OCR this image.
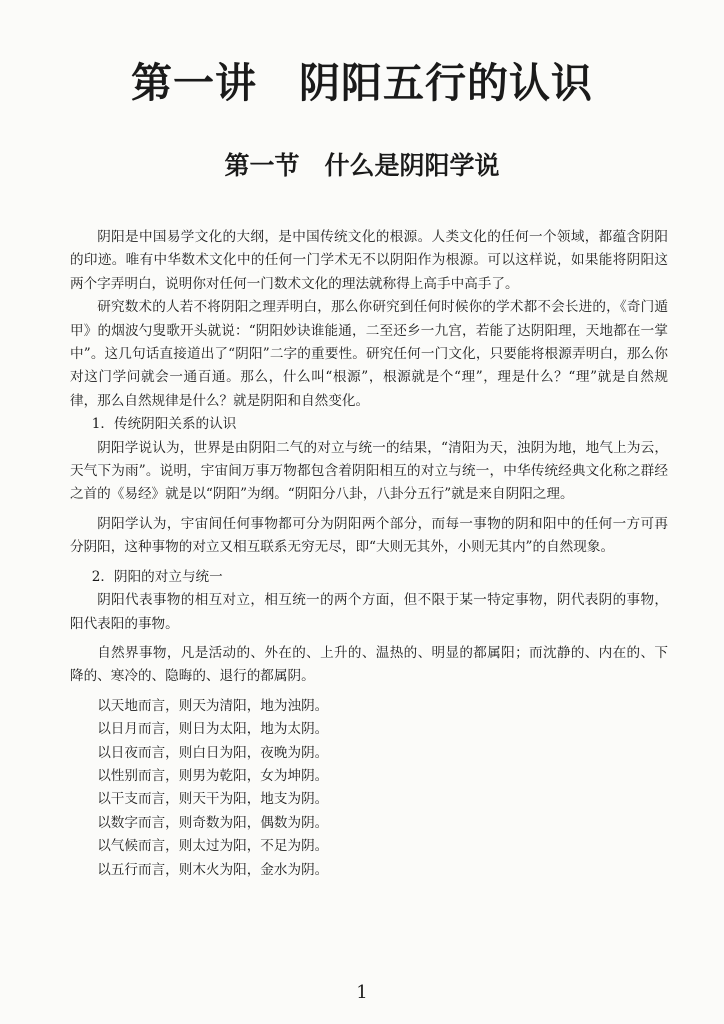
第一讲　阴阳五行的认识
第一节　什么是阴阳学说

阴阳是中国易学文化的大纲，是中国传统文化的根源。人类文化的任何一个领域，都蕴含阴阳的印迹。唯有中华数术文化中的任何一门学术无不以阴阳作为根源。可以这样说，如果能将阴阳这两个字弄明白，说明你对任何一门数术文化的理法就称得上高手中高手了。

研究数术的人若不将阴阳之理弄明白，那么你研究到任何时候你的学术都不会长进的，《奇门遁甲》的烟波勺叟歌开头就说：“阴阳妙诀谁能通，二至还乡一九宫，若能了达阴阳理，天地都在一掌中”。这几句话直接道出了“阴阳”二字的重要性。研究任何一门文化，只要能将根源弄明白，那么你对这门学问就会一通百通。那么，什么叫“根源”，根源就是个“理”，理是什么？“理”就是自然规律，那么自然规律是什么？就是阴阳和自然变化。

1．传统阴阳关系的认识

阴阳学说认为，世界是由阴阳二气的对立与统一的结果，“清阳为天，浊阴为地，地气上为云，天气下为雨”。说明，宇宙间万事万物都包含着阴阳相互的对立与统一，中华传统经典文化称之群经之首的《易经》就是以“阴阳”为纲。“阴阳分八卦，八卦分五行”就是来自阴阳之理。

阴阳学认为，宇宙间任何事物都可分为阴阳两个部分，而每一事物的阴和阳中的任何一方可再分阴阳，这种事物的对立又相互联系无穷无尽，即“大则无其外，小则无其内”的自然现象。

2．阴阳的对立与统一

阴阳代表事物的相互对立，相互统一的两个方面，但不限于某一特定事物，阴代表阴的事物，阳代表阳的事物。

自然界事物，凡是活动的、外在的、上升的、温热的、明显的都属阳；而沈静的、内在的、下降的、寒冷的、隐晦的、退行的都属阴。

以天地而言，则天为清阳，地为浊阴。

以日月而言，则日为太阳，地为太阴。

以日夜而言，则白日为阳，夜晚为阴。

以性别而言，则男为乾阳，女为坤阴。

以干支而言，则天干为阳，地支为阴。

以数字而言，则奇数为阳，偶数为阴。

以气候而言，则太过为阳，不足为阴。

以五行而言，则木火为阳，金水为阴。

1
